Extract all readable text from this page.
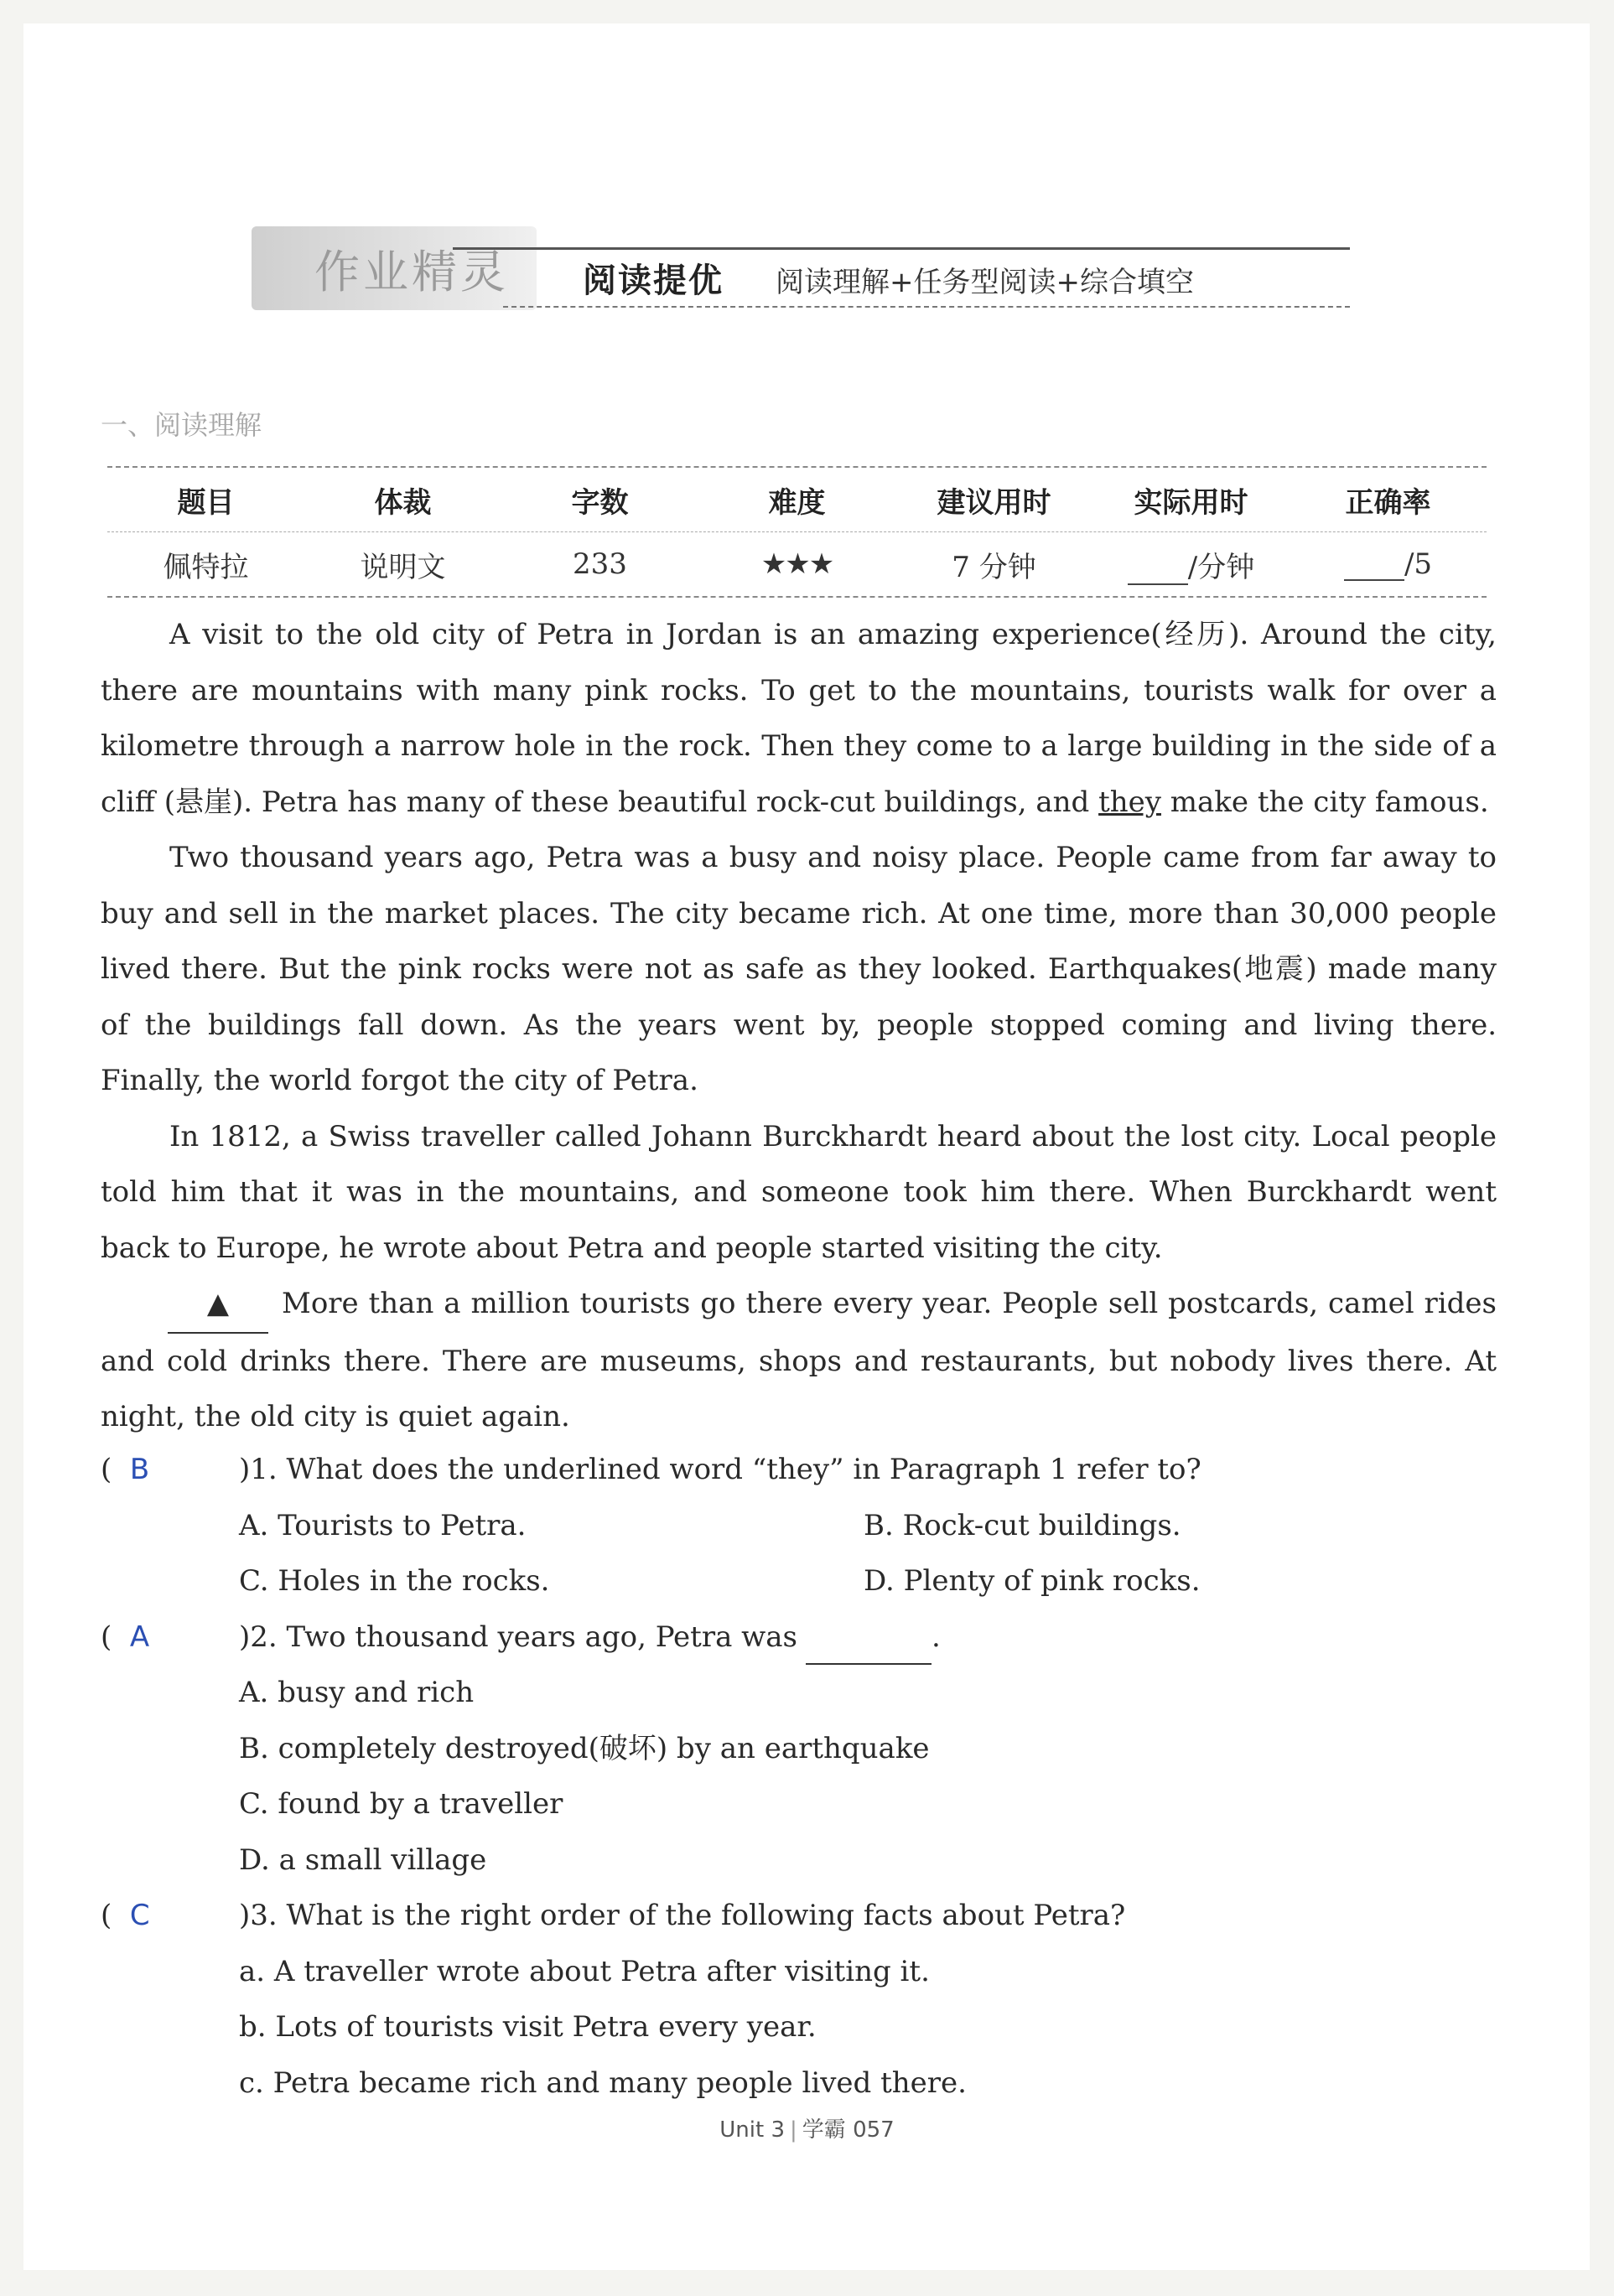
作业精灵 阅读提优 阅读理解+任务型阅读+综合填空
一、阅读理解
题目	体裁	字数	难度	建议用时	实际用时	正确率
佩特拉	说明文	233	★★★	7 分钟	/分钟	/5

A visit to the old city of Petra in Jordan is an amazing experience(经历). Around the city, there are mountains with many pink rocks. To get to the mountains, tourists walk for over a kilometre through a narrow hole in the rock. Then they come to a large building in the side of a cliff (悬崖). Petra has many of these beautiful rock-cut buildings, and they make the city famous.

Two thousand years ago, Petra was a busy and noisy place. People came from far away to buy and sell in the market places. The city became rich. At one time, more than 30,000 people lived there. But the pink rocks were not as safe as they looked. Earthquakes(地震) made many of the buildings fall down. As the years went by, people stopped coming and living there. Finally, the world forgot the city of Petra.

In 1812, a Swiss traveller called Johann Burckhardt heard about the lost city. Local people told him that it was in the mountains, and someone took him there. When Burckhardt went back to Europe, he wrote about Petra and people started visiting the city.

▲ More than a million tourists go there every year. People sell postcards, camel rides and cold drinks there. There are museums, shops and restaurants, but nobody lives there. At night, the old city is quiet again.

(  B	)1. What does the underlined word “they” in Paragraph 1 refer to?
A. Tourists to Petra.	B. Rock-cut buildings.
C. Holes in the rocks.	D. Plenty of pink rocks.
(  A	)2. Two thousand years ago, Petra was	.
A. busy and rich
B. completely destroyed(破坏) by an earthquake
C. found by a traveller
D. a small village
(  C	)3. What is the right order of the following facts about Petra?
a. A traveller wrote about Petra after visiting it.
b. Lots of tourists visit Petra every year.
c. Petra became rich and many people lived there.
Unit 3 | 学霸 057
